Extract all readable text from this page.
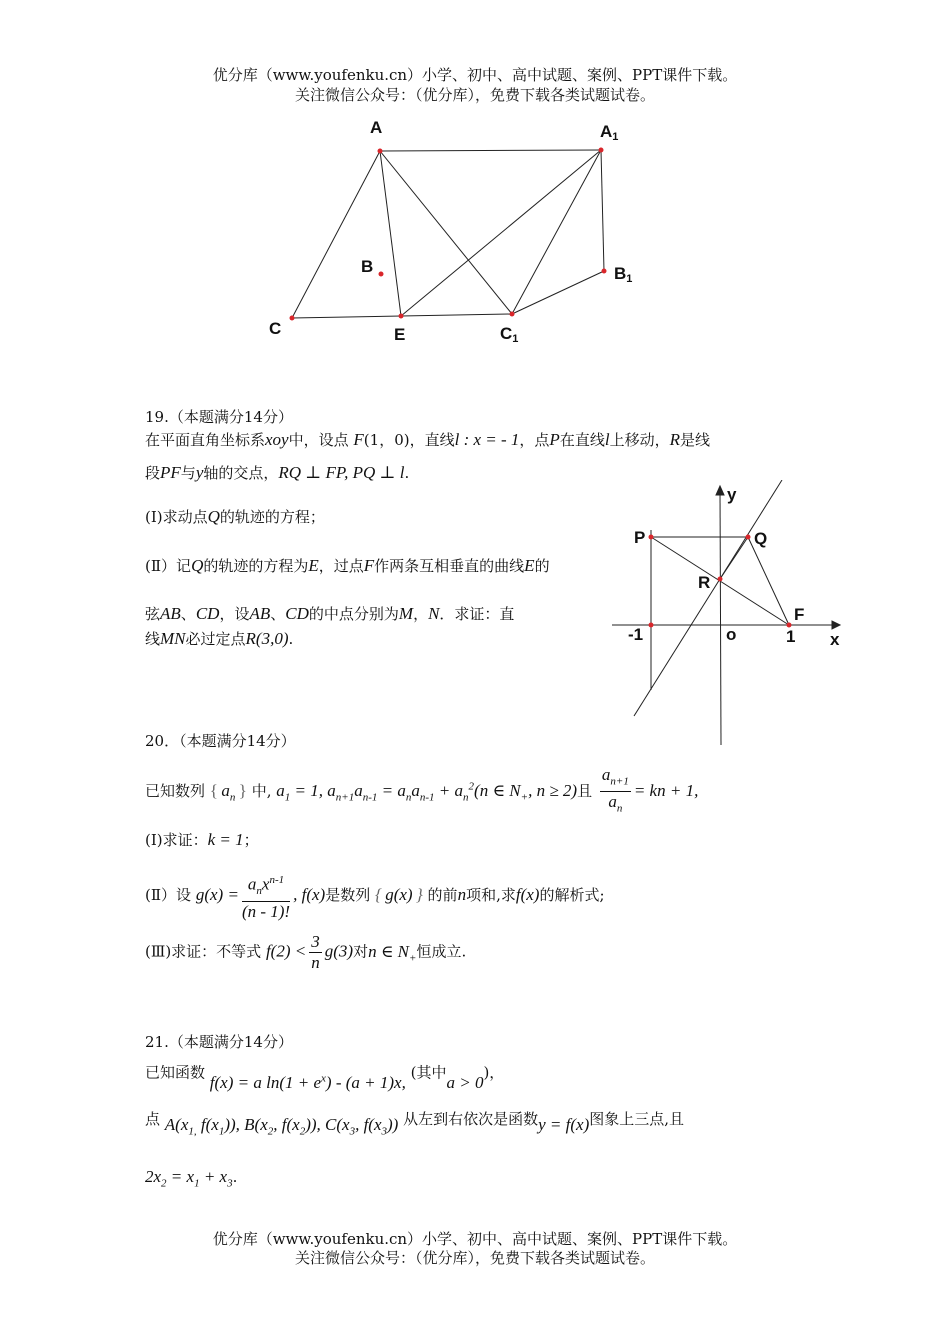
优分库（www.youfenku.cn）小学、初中、高中试题、案例、PPT课件下载。
关注微信公众号：（优分库），免费下载各类试题试卷。
A	A1
B	B1
C	E	C1
y
x
P	Q
R
F
-1	o	1
19.（本题满分14分）
在平面直角坐标系xoy中，设点 F(1，0)，直线l : x = - 1，点P在直线l上移动，R是线
段PF与y轴的交点，RQ ⊥ FP, PQ ⊥ l.
(Ⅰ)求动点Q的轨迹的方程；
(Ⅱ）记Q的轨迹的方程为E，过点F作两条互相垂直的曲线E的
弦AB、CD，设AB、CD的中点分别为M，N．求证：直
线MN必过定点R(3,0).
20．（本题满分14分）
已知数列 { $a_n$ } 中, $a_1 = 1$, $a_{n+1}a_{n-1} = a_na_{n-1} + a_n^2(n$ ∈ $N_+$, n ≥ 2)且 $\frac{a_{n+1}}{a_n}$ = kn + 1,
(Ⅰ)求证：k = 1；
(Ⅱ）设 $g(x) = \frac{a_nx^{n-1}}{(n - 1)!}$ , f(x)是数列 { g(x) } 的前n项和,求f(x)的解析式;
(Ⅲ)求证：不等式 $f(2) < \frac{3}{n} g(3)$对n ∈ $N_+$恒成立.
21.（本题满分14分）
已知函数 f(x) = a $\ln(1 + e^x) - (a + 1)x$, (其中a > 0)，
点 $A(x_{1,}$ $f(x_1)$), $B(x_2$, $f(x_2)$), $C(x_3$, $f(x_3)$) 从左到右依次是函数y = f(x)图象上三点,且
$2x_2 = x_1 + x_3$.
优分库（www.youfenku.cn）小学、初中、高中试题、案例、PPT课件下载。
关注微信公众号：（优分库），免费下载各类试题试卷。
